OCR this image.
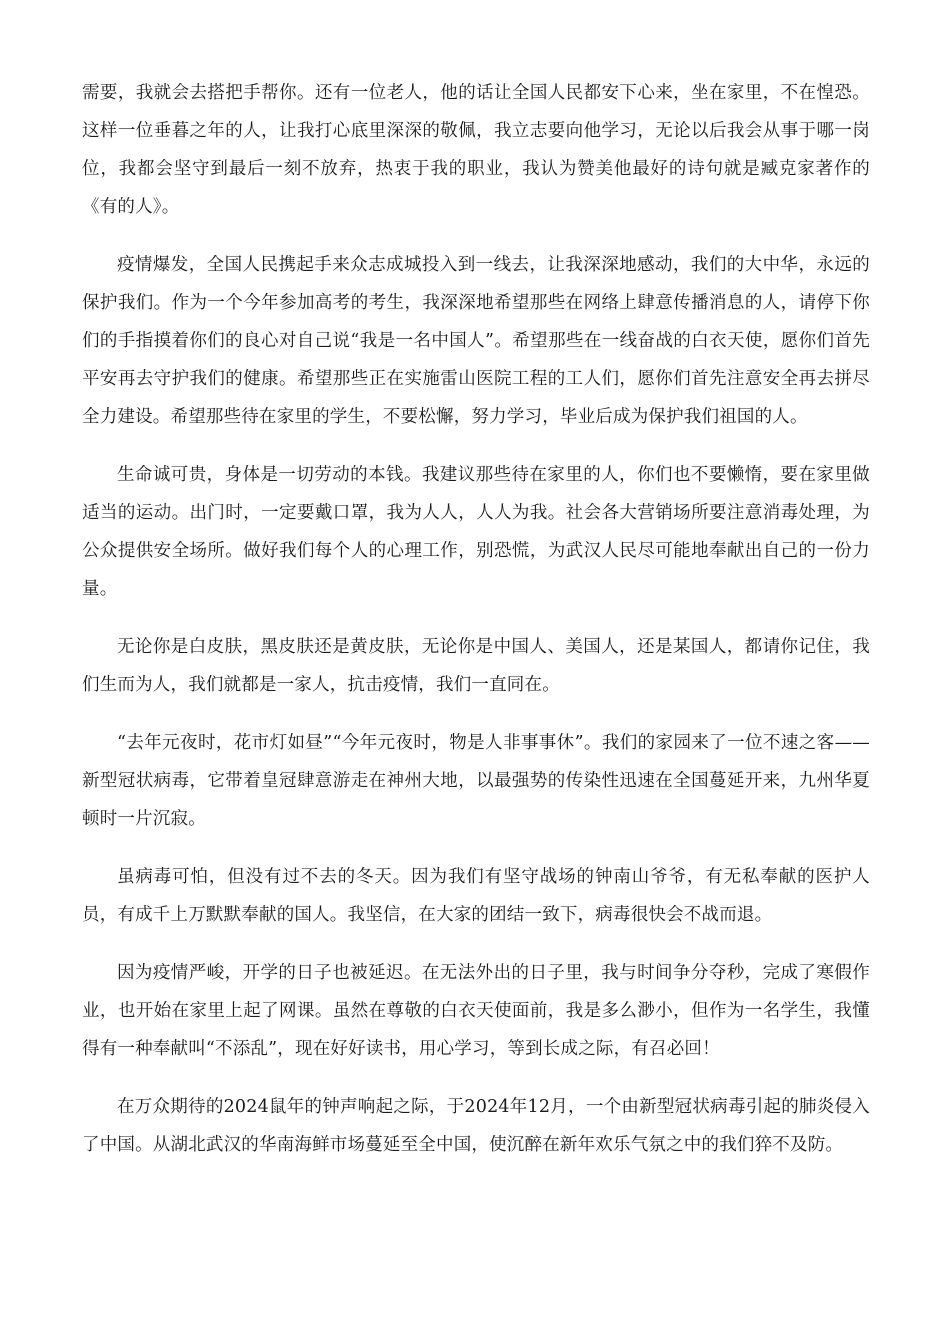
需要，我就会去搭把手帮你。还有一位老人，他的话让全国人民都安下心来，坐在家里，不在惶恐。这样一位垂暮之年的人，让我打心底里深深的敬佩，我立志要向他学习，无论以后我会从事于哪一岗位，我都会坚守到最后一刻不放弃，热衷于我的职业，我认为赞美他最好的诗句就是臧克家著作的《有的人》。

疫情爆发，全国人民携起手来众志成城投入到一线去，让我深深地感动，我们的大中华，永远的保护我们。作为一个今年参加高考的考生，我深深地希望那些在网络上肆意传播消息的人，请停下你们的手指摸着你们的良心对自己说“我是一名中国人”。希望那些在一线奋战的白衣天使，愿你们首先平安再去守护我们的健康。希望那些正在实施雷山医院工程的工人们，愿你们首先注意安全再去拼尽全力建设。希望那些待在家里的学生，不要松懈，努力学习，毕业后成为保护我们祖国的人。

生命诚可贵，身体是一切劳动的本钱。我建议那些待在家里的人，你们也不要懒惰，要在家里做适当的运动。出门时，一定要戴口罩，我为人人，人人为我。社会各大营销场所要注意消毒处理，为公众提供安全场所。做好我们每个人的心理工作，别恐慌，为武汉人民尽可能地奉献出自己的一份力量。

无论你是白皮肤，黑皮肤还是黄皮肤，无论你是中国人、美国人，还是某国人，都请你记住，我们生而为人，我们就都是一家人，抗击疫情，我们一直同在。

“去年元夜时，花市灯如昼”“今年元夜时，物是人非事事休”。我们的家园来了一位不速之客——新型冠状病毒，它带着皇冠肆意游走在神州大地，以最强势的传染性迅速在全国蔓延开来，九州华夏顿时一片沉寂。

虽病毒可怕，但没有过不去的冬天。因为我们有坚守战场的钟南山爷爷，有无私奉献的医护人员，有成千上万默默奉献的国人。我坚信，在大家的团结一致下，病毒很快会不战而退。

因为疫情严峻，开学的日子也被延迟。在无法外出的日子里，我与时间争分夺秒，完成了寒假作业，也开始在家里上起了网课。虽然在尊敬的白衣天使面前，我是多么渺小，但作为一名学生，我懂得有一种奉献叫“不添乱”，现在好好读书，用心学习，等到长成之际，有召必回！

在万众期待的2024鼠年的钟声响起之际，于2024年12月，一个由新型冠状病毒引起的肺炎侵入了中国。从湖北武汉的华南海鲜市场蔓延至全中国，使沉醉在新年欢乐气氛之中的我们猝不及防。
